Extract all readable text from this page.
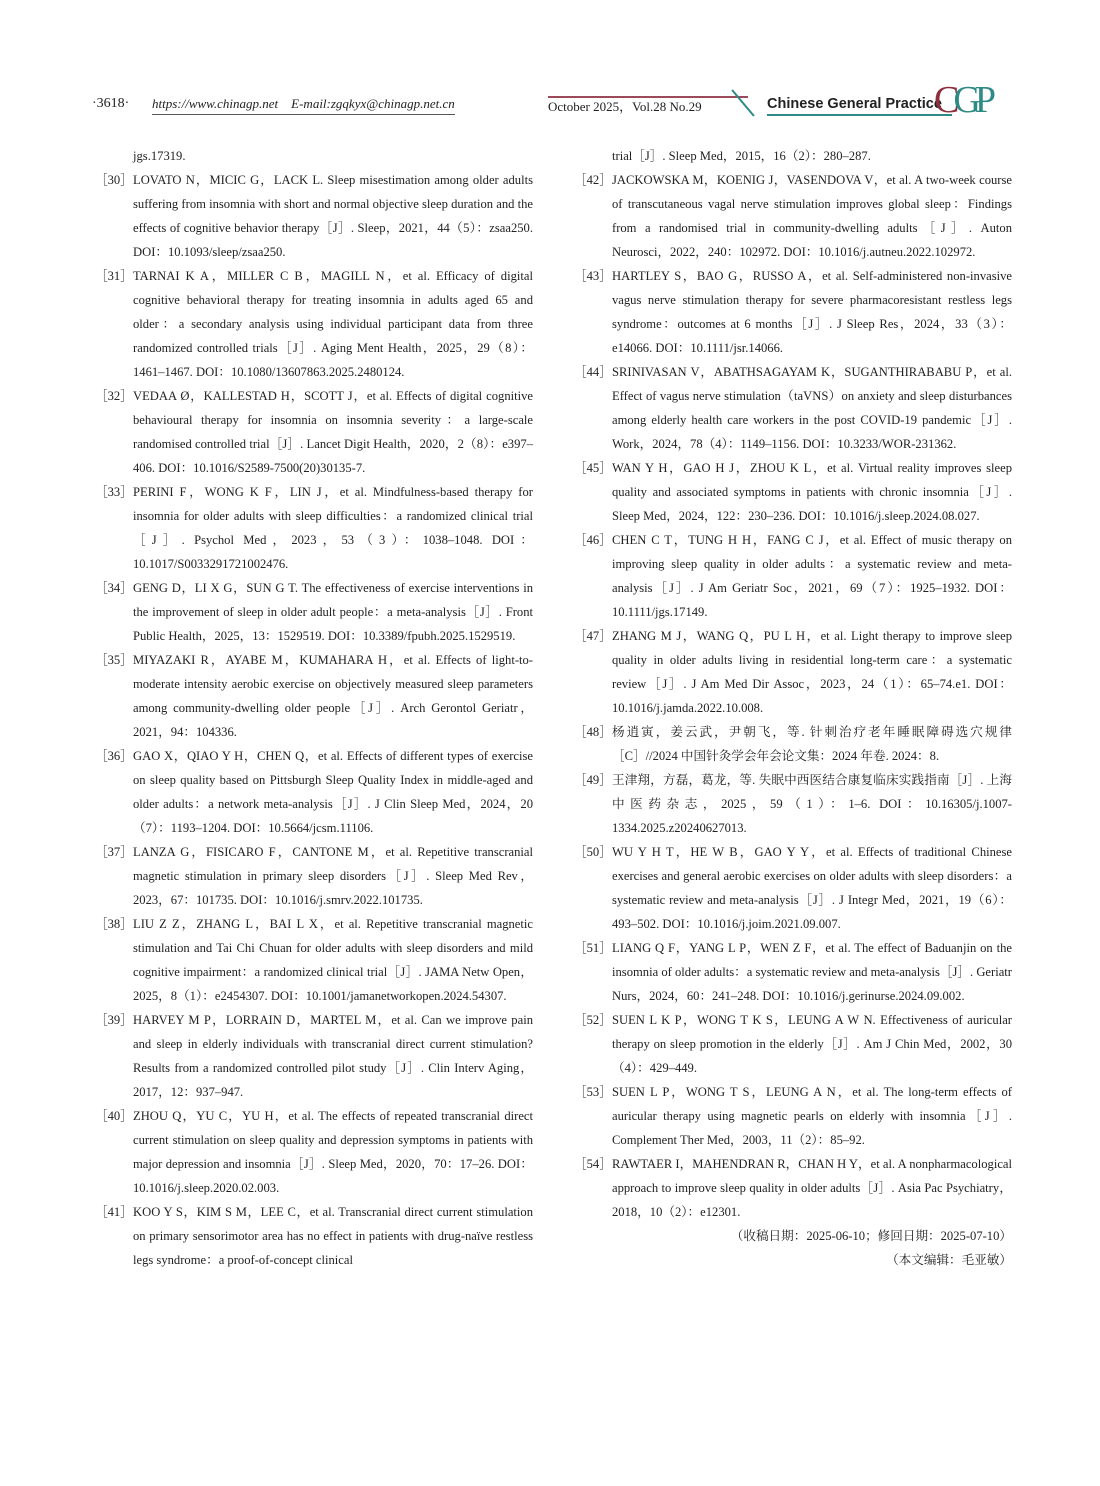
·3618· https://www.chinagp.net E-mail:zgqkyx@chinagp.net.cn	October 2025，Vol.28 No.29	Chinese General Practice
CGP
jgs.17319.
［30］ LOVATO N，MICIC G，LACK L. Sleep misestimation among older adults suffering from insomnia with short and normal objective sleep duration and the effects of cognitive behavior therapy［J］. Sleep，2021，44（5）：zsaa250. DOI：10.1093/sleep/zsaa250.
［31］ TARNAI K A，MILLER C B，MAGILL N，et al. Efficacy of digital cognitive behavioral therapy for treating insomnia in adults aged 65 and older：a secondary analysis using individual participant data from three randomized controlled trials［J］. Aging Ment Health，2025，29（8）：1461–1467. DOI：10.1080/13607863.2025.2480124.
［32］ VEDAA Ø，KALLESTAD H，SCOTT J，et al. Effects of digital cognitive behavioural therapy for insomnia on insomnia severity：a large-scale randomised controlled trial［J］. Lancet Digit Health，2020，2（8）：e397–406. DOI：10.1016/S2589-7500(20)30135-7.
［33］ PERINI F，WONG K F，LIN J，et al. Mindfulness-based therapy for insomnia for older adults with sleep difficulties：a randomized clinical trial［J］. Psychol Med，2023，53（3）：1038–1048. DOI：10.1017/S0033291721002476.
［34］ GENG D，LI X G，SUN G T. The effectiveness of exercise interventions in the improvement of sleep in older adult people：a meta-analysis［J］. Front Public Health，2025，13：1529519. DOI：10.3389/fpubh.2025.1529519.
［35］ MIYAZAKI R，AYABE M，KUMAHARA H，et al. Effects of light-to-moderate intensity aerobic exercise on objectively measured sleep parameters among community-dwelling older people［J］. Arch Gerontol Geriatr，2021，94：104336.
［36］ GAO X，QIAO Y H，CHEN Q，et al. Effects of different types of exercise on sleep quality based on Pittsburgh Sleep Quality Index in middle-aged and older adults：a network meta-analysis［J］. J Clin Sleep Med，2024，20（7）：1193–1204. DOI：10.5664/jcsm.11106.
［37］ LANZA G，FISICARO F，CANTONE M，et al. Repetitive transcranial magnetic stimulation in primary sleep disorders［J］. Sleep Med Rev，2023，67：101735. DOI：10.1016/j.smrv.2022.101735.
［38］ LIU Z Z，ZHANG L，BAI L X，et al. Repetitive transcranial magnetic stimulation and Tai Chi Chuan for older adults with sleep disorders and mild cognitive impairment：a randomized clinical trial［J］. JAMA Netw Open，2025，8（1）：e2454307. DOI：10.1001/jamanetworkopen.2024.54307.
［39］ HARVEY M P，LORRAIN D，MARTEL M，et al. Can we improve pain and sleep in elderly individuals with transcranial direct current stimulation? Results from a randomized controlled pilot study［J］. Clin Interv Aging，2017，12：937–947.
［40］ ZHOU Q，YU C，YU H，et al. The effects of repeated transcranial direct current stimulation on sleep quality and depression symptoms in patients with major depression and insomnia［J］. Sleep Med，2020，70：17–26. DOI：10.1016/j.sleep.2020.02.003.
［41］ KOO Y S，KIM S M，LEE C，et al. Transcranial direct current stimulation on primary sensorimotor area has no effect in patients with drug-naïve restless legs syndrome：a proof-of-concept clinical
trial［J］. Sleep Med，2015，16（2）：280–287.
［42］ JACKOWSKA M，KOENIG J，VASENDOVA V，et al. A two-week course of transcutaneous vagal nerve stimulation improves global sleep：Findings from a randomised trial in community-dwelling adults［J］. Auton Neurosci，2022，240：102972. DOI：10.1016/j.autneu.2022.102972.
［43］ HARTLEY S，BAO G，RUSSO A，et al. Self-administered non-invasive vagus nerve stimulation therapy for severe pharmacoresistant restless legs syndrome：outcomes at 6 months［J］. J Sleep Res，2024，33（3）：e14066. DOI：10.1111/jsr.14066.
［44］ SRINIVASAN V，ABATHSAGAYAM K，SUGANTHIRABABU P，et al. Effect of vagus nerve stimulation（taVNS）on anxiety and sleep disturbances among elderly health care workers in the post COVID-19 pandemic［J］. Work，2024，78（4）：1149–1156. DOI：10.3233/WOR-231362.
［45］ WAN Y H，GAO H J，ZHOU K L，et al. Virtual reality improves sleep quality and associated symptoms in patients with chronic insomnia［J］. Sleep Med，2024，122：230–236. DOI：10.1016/j.sleep.2024.08.027.
［46］ CHEN C T，TUNG H H，FANG C J，et al. Effect of music therapy on improving sleep quality in older adults：a systematic review and meta-analysis［J］. J Am Geriatr Soc，2021，69（7）：1925–1932. DOI：10.1111/jgs.17149.
［47］ ZHANG M J，WANG Q，PU L H，et al. Light therapy to improve sleep quality in older adults living in residential long-term care：a systematic review［J］. J Am Med Dir Assoc，2023，24（1）：65–74.e1. DOI：10.1016/j.jamda.2022.10.008.
［48］ 杨逍寅，姜云武，尹朝飞，等. 针刺治疗老年睡眠障碍选穴规律［C］//2024 中国针灸学会年会论文集：2024 年卷. 2024：8.
［49］ 王津翔，方磊，葛龙，等. 失眠中西医结合康复临床实践指南［J］. 上海中医药杂志，2025，59（1）：1–6. DOI：10.16305/j.1007-1334.2025.z20240627013.
［50］ WU Y H T，HE W B，GAO Y Y，et al. Effects of traditional Chinese exercises and general aerobic exercises on older adults with sleep disorders：a systematic review and meta-analysis［J］. J Integr Med，2021，19（6）：493–502. DOI：10.1016/j.joim.2021.09.007.
［51］ LIANG Q F，YANG L P，WEN Z F，et al. The effect of Baduanjin on the insomnia of older adults：a systematic review and meta-analysis［J］. Geriatr Nurs，2024，60：241–248. DOI：10.1016/j.gerinurse.2024.09.002.
［52］ SUEN L K P，WONG T K S，LEUNG A W N. Effectiveness of auricular therapy on sleep promotion in the elderly［J］. Am J Chin Med，2002，30（4）：429–449.
［53］ SUEN L P，WONG T S，LEUNG A N，et al. The long-term effects of auricular therapy using magnetic pearls on elderly with insomnia［J］. Complement Ther Med，2003，11（2）：85–92.
［54］ RAWTAER I，MAHENDRAN R，CHAN H Y，et al. A nonpharmacological approach to improve sleep quality in older adults［J］. Asia Pac Psychiatry，2018，10（2）：e12301.
（收稿日期：2025-06-10；修回日期：2025-07-10）
（本文编辑：毛亚敏）
